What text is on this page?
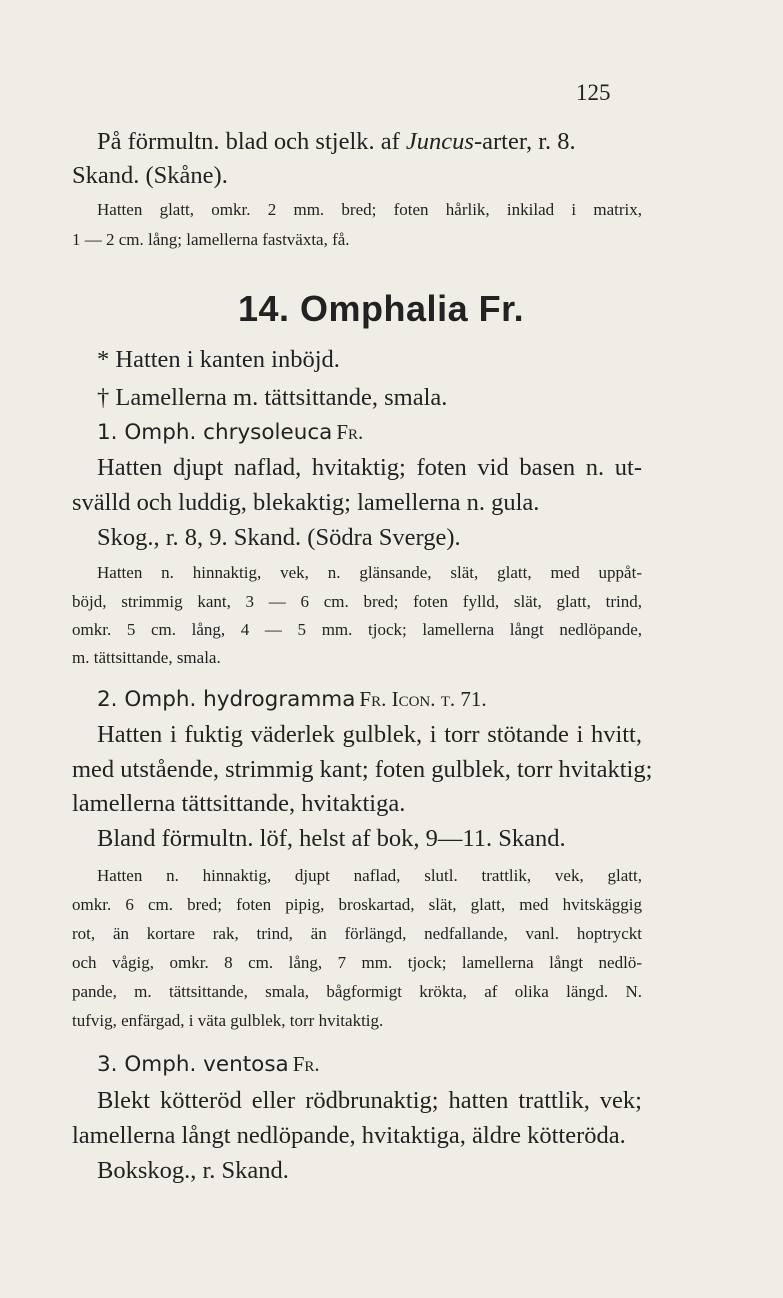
125
På förmultn. blad och stjelk. af Juncus-arter, r. 8.
Skand. (Skåne).
Hatten glatt, omkr. 2 mm. bred; foten hårlik, inkilad i matrix,
1 — 2 cm. lång; lamellerna fastväxta, få.
14. Omphalia Fr.
* Hatten i kanten inböjd.
† Lamellerna m. tättsittande, smala.
1. Omph. chrysoleuca Fr.
Hatten djupt naflad, hvitaktig; foten vid basen n. ut-
svälld och luddig, blekaktig; lamellerna n. gula.
Skog., r. 8, 9. Skand. (Södra Sverge).
Hatten n. hinnaktig, vek, n. glänsande, slät, glatt, med uppåt-
böjd, strimmig kant, 3 — 6 cm. bred; foten fylld, slät, glatt, trind,
omkr. 5 cm. lång, 4 — 5 mm. tjock; lamellerna långt nedlöpande,
m. tättsittande, smala.
2. Omph. hydrogramma Fr. Icon. t. 71.
Hatten i fuktig väderlek gulblek, i torr stötande i hvitt,
med utstående, strimmig kant; foten gulblek, torr hvitaktig;
lamellerna tättsittande, hvitaktiga.
Bland förmultn. löf, helst af bok, 9—11. Skand.
Hatten n. hinnaktig, djupt naflad, slutl. trattlik, vek, glatt,
omkr. 6 cm. bred; foten pipig, broskartad, slät, glatt, med hvitskäggig
rot, än kortare rak, trind, än förlängd, nedfallande, vanl. hoptryckt
och vågig, omkr. 8 cm. lång, 7 mm. tjock; lamellerna långt nedlö-
pande, m. tättsittande, smala, bågformigt krökta, af olika längd. N.
tufvig, enfärgad, i väta gulblek, torr hvitaktig.
3. Omph. ventosa Fr.
Blekt kötteröd eller rödbrunaktig; hatten trattlik, vek;
lamellerna långt nedlöpande, hvitaktiga, äldre kötteröda.
Bokskog., r. Skand.
